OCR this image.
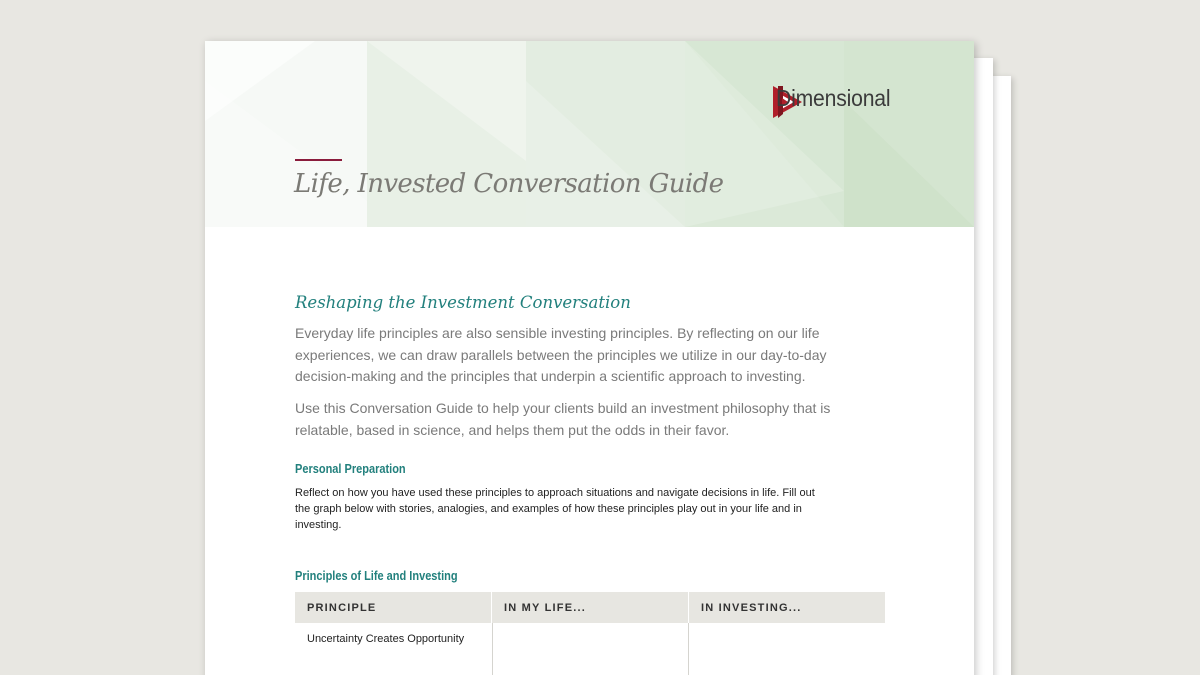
Dimensional
Life, Invested Conversation Guide
Reshaping the Investment Conversation
Everyday life principles are also sensible investing principles. By reflecting on our life experiences, we can draw parallels between the principles we utilize in our day-to-day decision-making and the principles that underpin a scientific approach to investing.
Use this Conversation Guide to help your clients build an investment philosophy that is relatable, based in science, and helps them put the odds in their favor.
Personal Preparation
Reflect on how you have used these principles to approach situations and navigate decisions in life. Fill out the graph below with stories, analogies, and examples of how these principles play out in your life and in investing.
Principles of Life and Investing
PRINCIPLE	IN MY LIFE...	IN INVESTING...
Uncertainty Creates Opportunity
